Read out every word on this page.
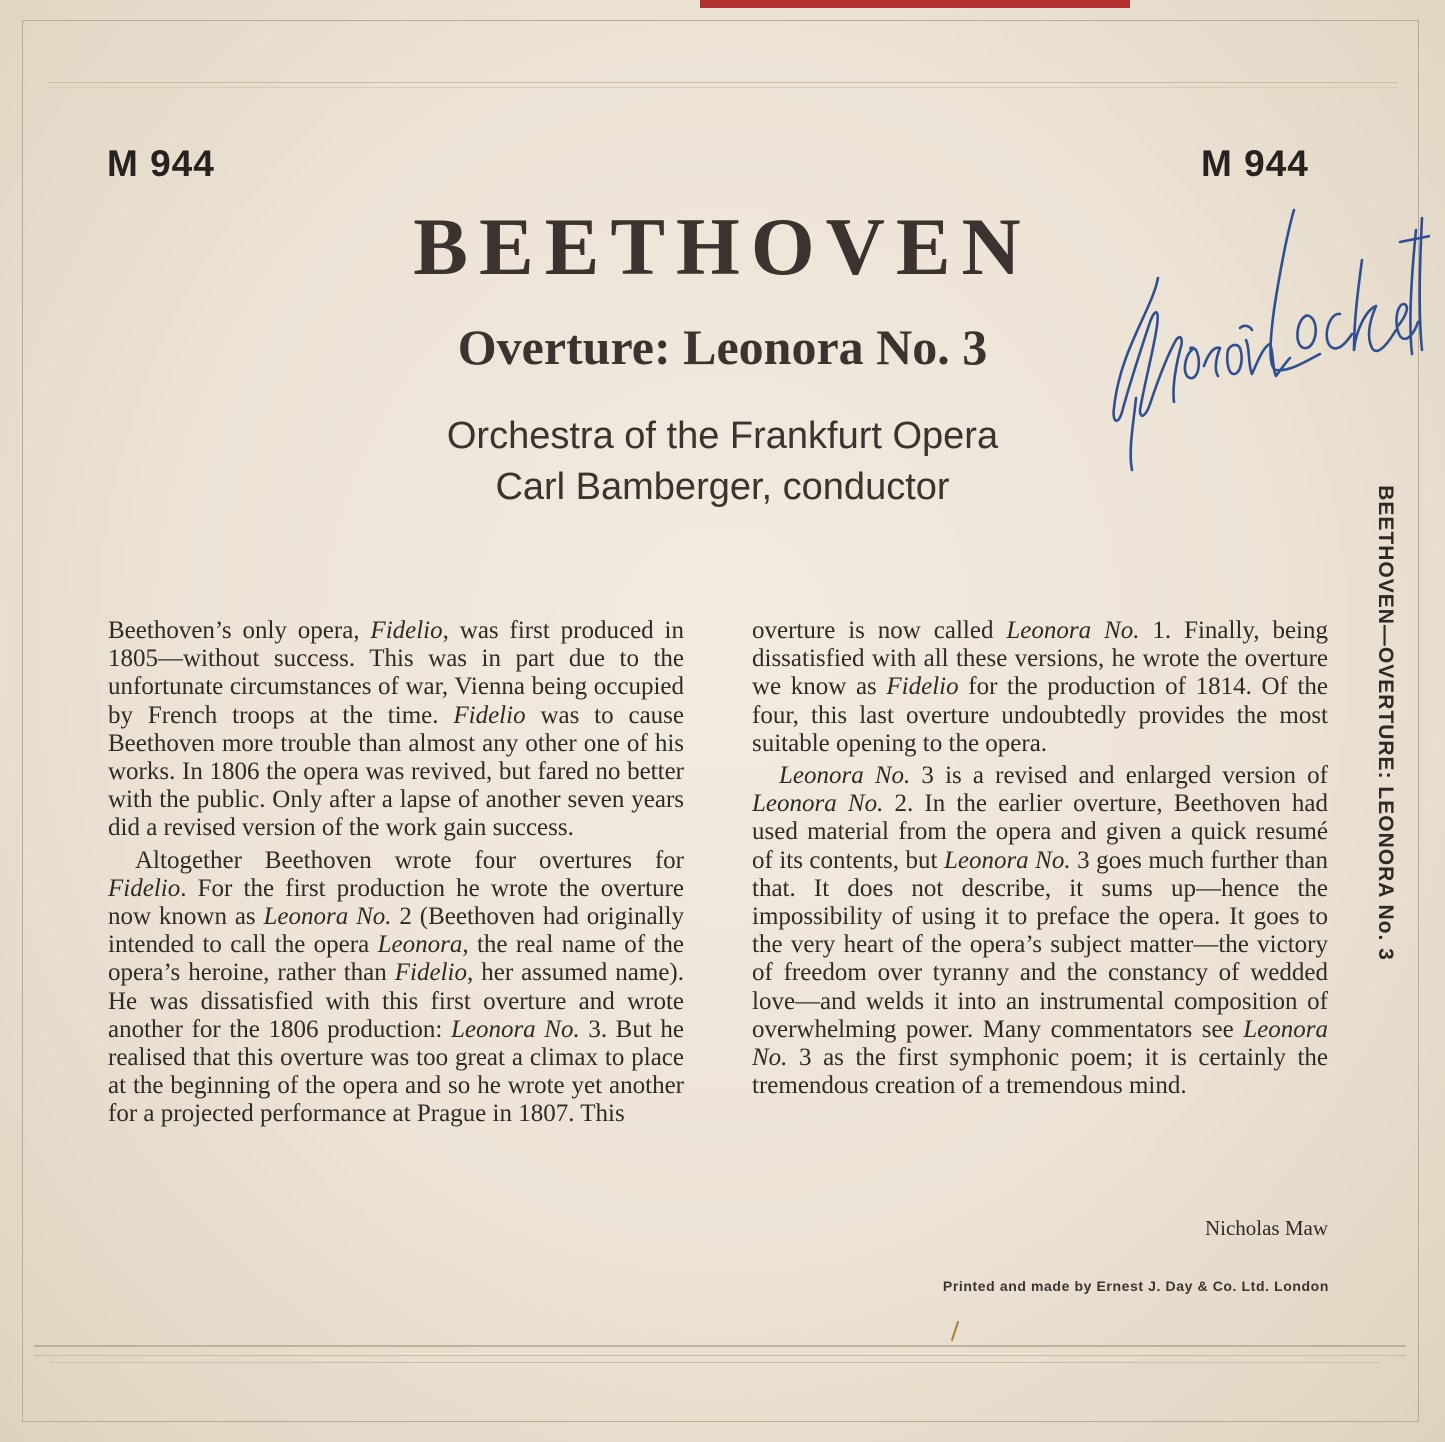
M 944	M 944
BEETHOVEN
Overture: Leonora No. 3
Orchestra of the Frankfurt Opera
Carl Bamberger, conductor	BEETHOVEN—OVERTURE: LEONORA No. 3

Beethoven’s only opera, Fidelio, was first produced in 1805—without success. This was in part due to the unfortunate circumstances of war, Vienna being occupied by French troops at the time. Fidelio was to cause Beethoven more trouble than almost any other one of his works. In 1806 the opera was revived, but fared no better with the public. Only after a lapse of another seven years did a revised version of the work gain success.

Altogether Beethoven wrote four overtures for Fidelio. For the first production he wrote the overture now known as Leonora No. 2 (Beethoven had originally intended to call the opera Leonora, the real name of the opera’s heroine, rather than Fidelio, her assumed name). He was dissatisfied with this first overture and wrote another for the 1806 production: Leonora No. 3. But he realised that this overture was too great a climax to place at the beginning of the opera and so he wrote yet another for a projected performance at Prague in 1807. This

overture is now called Leonora No. 1. Finally, being dissatisfied with all these versions, he wrote the overture we know as Fidelio for the production of 1814. Of the four, this last overture undoubtedly provides the most suitable opening to the opera.

Leonora No. 3 is a revised and enlarged version of Leonora No. 2. In the earlier overture, Beethoven had used material from the opera and given a quick resumé of its contents, but Leonora No. 3 goes much further than that. It does not describe, it sums up—hence the impossibility of using it to preface the opera. It goes to the very heart of the opera’s subject matter—the victory of freedom over tyranny and the constancy of wedded love—and welds it into an instrumental composition of overwhelming power. Many commentators see Leonora No. 3 as the first symphonic poem; it is certainly the tremendous creation of a tremendous mind.

Nicholas Maw
Printed and made by Ernest J. Day & Co. Ltd. London
